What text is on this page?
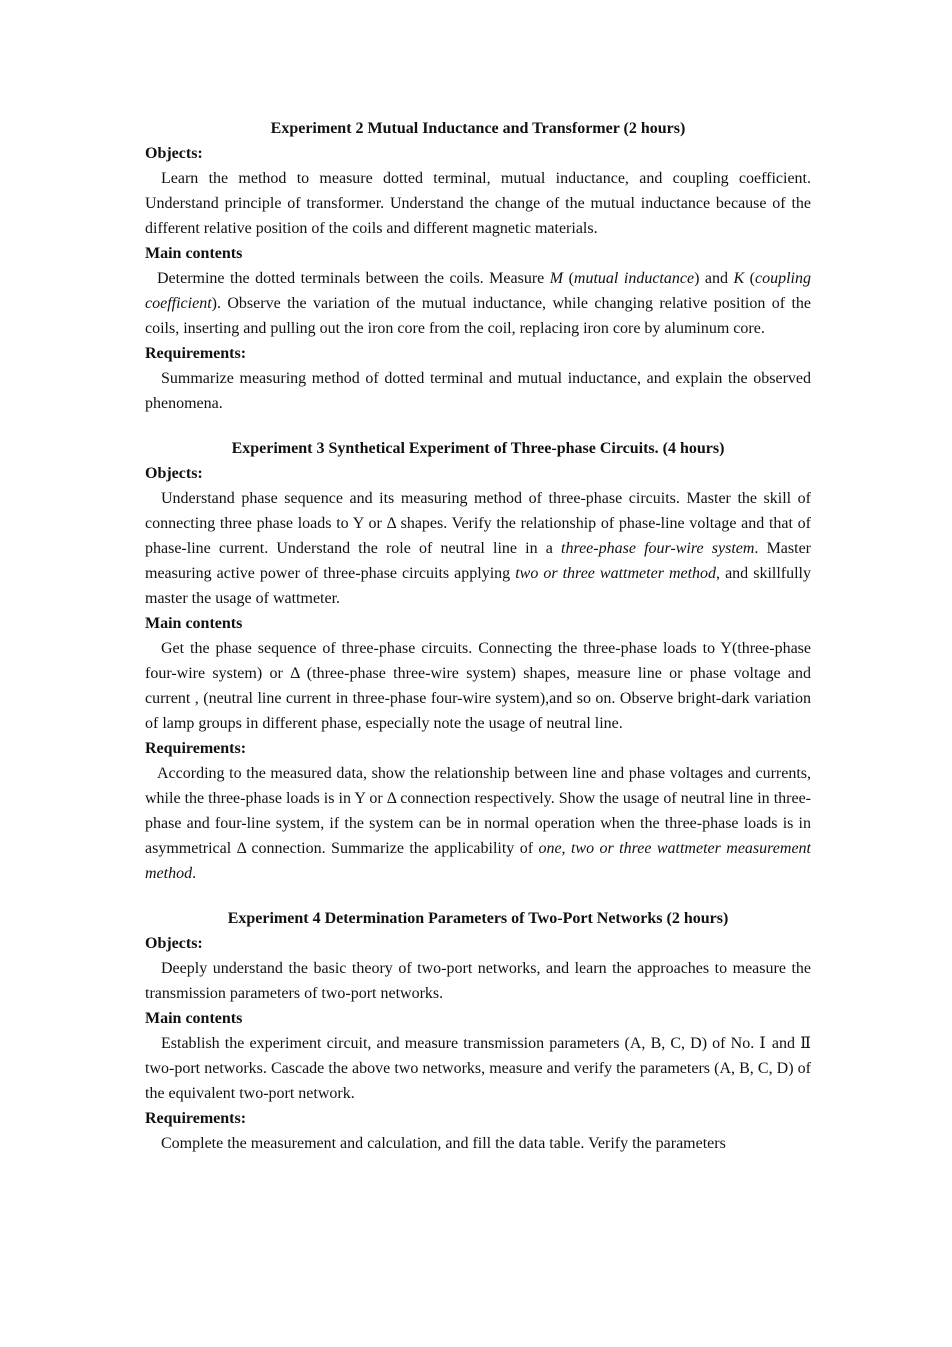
Experiment 2 Mutual Inductance and Transformer (2 hours)

Objects:

Learn the method to measure dotted terminal, mutual inductance, and coupling coefficient. Understand principle of transformer. Understand the change of the mutual inductance because of the different relative position of the coils and different magnetic materials.

Main contents

Determine the dotted terminals between the coils. Measure M (mutual inductance) and K (coupling coefficient). Observe the variation of the mutual inductance, while changing relative position of the coils, inserting and pulling out the iron core from the coil, replacing iron core by aluminum core.

Requirements:

Summarize measuring method of dotted terminal and mutual inductance, and explain the observed phenomena.

Experiment 3 Synthetical Experiment of Three-phase Circuits. (4 hours)

Objects:

Understand phase sequence and its measuring method of three-phase circuits. Master the skill of connecting three phase loads to Y or Δ shapes. Verify the relationship of phase-line voltage and that of phase-line current. Understand the role of neutral line in a three-phase four-wire system. Master measuring active power of three-phase circuits applying two or three wattmeter method, and skillfully master the usage of wattmeter.

Main contents

Get the phase sequence of three-phase circuits. Connecting the three-phase loads to Y(three-phase four-wire system) or Δ (three-phase three-wire system) shapes, measure line or phase voltage and current , (neutral line current in three-phase four-wire system),and so on. Observe bright-dark variation of lamp groups in different phase, especially note the usage of neutral line.

Requirements:

According to the measured data, show the relationship between line and phase voltages and currents, while the three-phase loads is in Y or Δ connection respectively. Show the usage of neutral line in three-phase and four-line system, if the system can be in normal operation when the three-phase loads is in asymmetrical Δ connection. Summarize the applicability of one, two or three wattmeter measurement method.

Experiment 4 Determination Parameters of Two-Port Networks (2 hours)

Objects:

Deeply understand the basic theory of two-port networks, and learn the approaches to measure the transmission parameters of two-port networks.

Main contents

Establish the experiment circuit, and measure transmission parameters (A, B, C, D) of No. Ⅰ and Ⅱ two-port networks. Cascade the above two networks, measure and verify the parameters (A, B, C, D) of the equivalent two-port network.

Requirements:

Complete the measurement and calculation, and fill the data table. Verify the parameters
